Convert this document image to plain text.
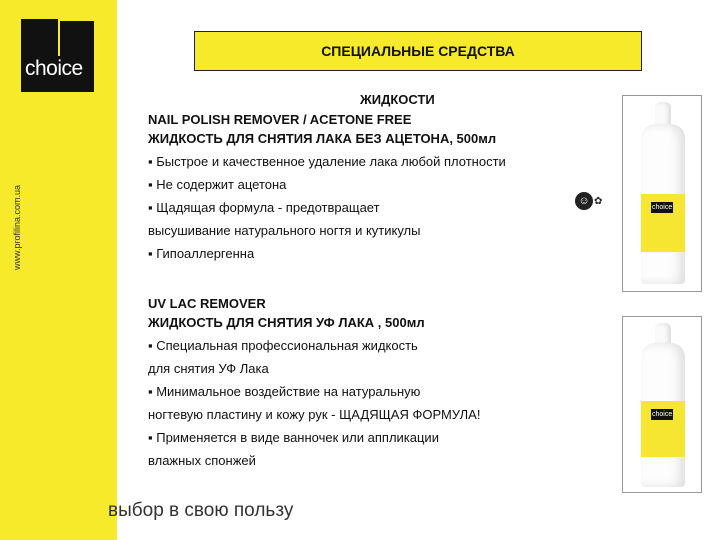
choice
www.profilina.com.ua
СПЕЦИАЛЬНЫЕ СРЕДСТВА
ЖИДКОСТИ
NAIL POLISH REMOVER / ACETONE FREE
ЖИДКОСТЬ ДЛЯ СНЯТИЯ ЛАКА БЕЗ АЦЕТОНА, 500мл
▪ Быстрое и качественное удаление лака любой плотности
▪ Не содержит ацетона
▪ Щадящая формула - предотвращает
высушивание натурального ногтя и кутикулы
▪ Гипоаллергенна
☺ ✿
UV LAC REMOVER
ЖИДКОСТЬ ДЛЯ СНЯТИЯ УФ ЛАКА , 500мл
▪ Специальная профессиональная жидкость
для снятия УФ Лака
▪ Минимальное воздействие на натуральную
ногтевую пластину и кожу рук - ЩАДЯЩАЯ ФОРМУЛА!
▪ Применяется в виде ванночек или аппликации
влажных спонжей
choice
choice
выбор в свою пользу
